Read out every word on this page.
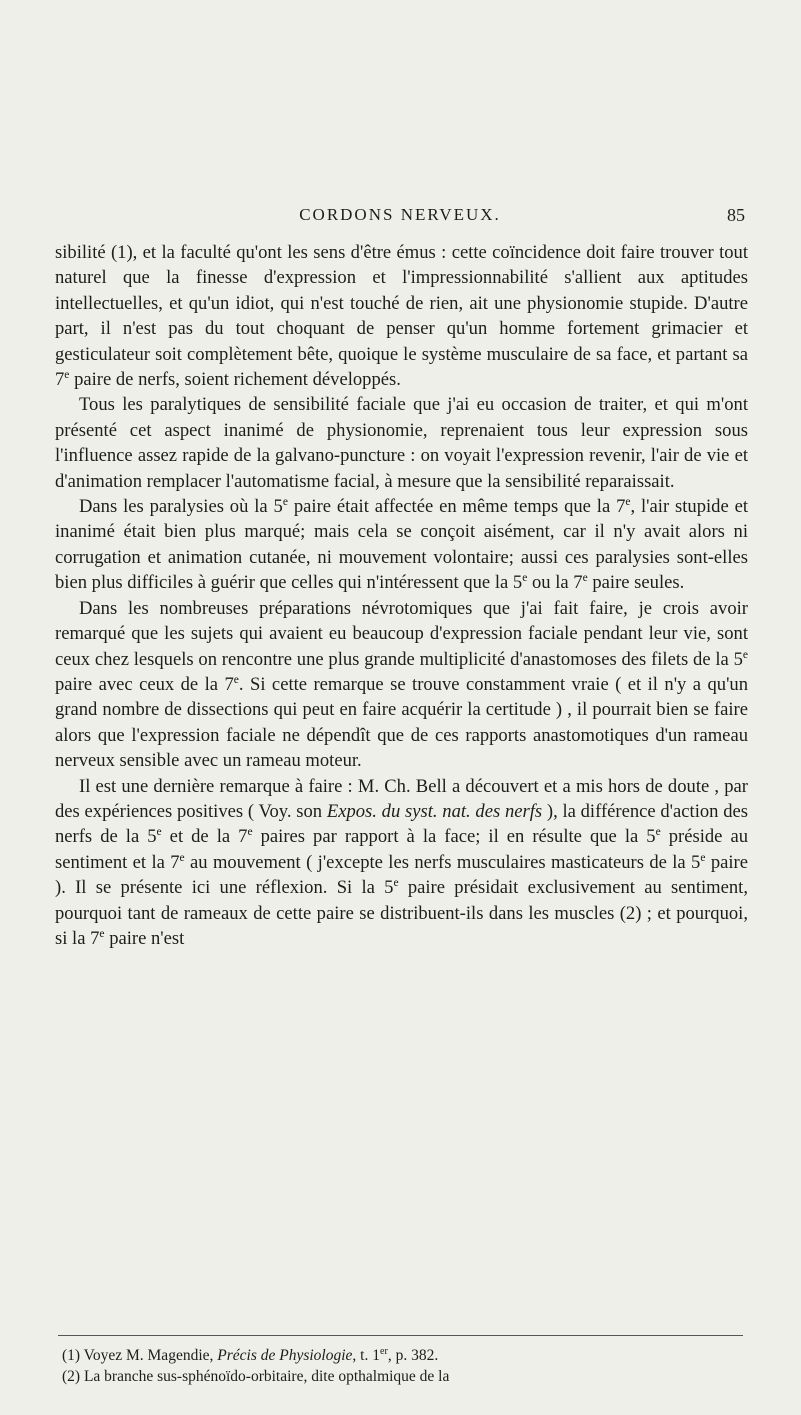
CORDONS NERVEUX.	85

sibilité (1), et la faculté qu'ont les sens d'être émus : cette coïncidence doit faire trouver tout naturel que la finesse d'expression et l'impressionnabilité s'allient aux aptitudes intellectuelles, et qu'un idiot, qui n'est touché de rien, ait une physionomie stupide. D'autre part, il n'est pas du tout choquant de penser qu'un homme fortement grimacier et gesticulateur soit complètement bête, quoique le système musculaire de sa face, et partant sa 7e paire de nerfs, soient richement développés.

Tous les paralytiques de sensibilité faciale que j'ai eu occasion de traiter, et qui m'ont présenté cet aspect inanimé de physionomie, reprenaient tous leur expression sous l'influence assez rapide de la galvano-puncture : on voyait l'expression revenir, l'air de vie et d'animation remplacer l'automatisme facial, à mesure que la sensibilité reparaissait.

Dans les paralysies où la 5e paire était affectée en même temps que la 7e, l'air stupide et inanimé était bien plus marqué; mais cela se conçoit aisément, car il n'y avait alors ni corrugation et animation cutanée, ni mouvement volontaire; aussi ces paralysies sont-elles bien plus difficiles à guérir que celles qui n'intéressent que la 5e ou la 7e paire seules.

Dans les nombreuses préparations névrotomiques que j'ai fait faire, je crois avoir remarqué que les sujets qui avaient eu beaucoup d'expression faciale pendant leur vie, sont ceux chez lesquels on rencontre une plus grande multiplicité d'anastomoses des filets de la 5e paire avec ceux de la 7e. Si cette remarque se trouve constamment vraie ( et il n'y a qu'un grand nombre de dissections qui peut en faire acquérir la certitude ) , il pourrait bien se faire alors que l'expression faciale ne dépendît que de ces rapports anastomotiques d'un rameau nerveux sensible avec un rameau moteur.

Il est une dernière remarque à faire : M. Ch. Bell a découvert et a mis hors de doute , par des expériences positives ( Voy. son Expos. du syst. nat. des nerfs ), la différence d'action des nerfs de la 5e et de la 7e paires par rapport à la face; il en résulte que la 5e préside au sentiment et la 7e au mouvement ( j'excepte les nerfs musculaires masticateurs de la 5e paire ). Il se présente ici une réflexion. Si la 5e paire présidait exclusivement au sentiment, pourquoi tant de rameaux de cette paire se distribuent-ils dans les muscles (2) ; et pourquoi, si la 7e paire n'est

(1) Voyez M. Magendie, Précis de Physiologie, t. 1er, p. 382.
(2) La branche sus-sphénoïdo-orbitaire, dite opthalmique de la
